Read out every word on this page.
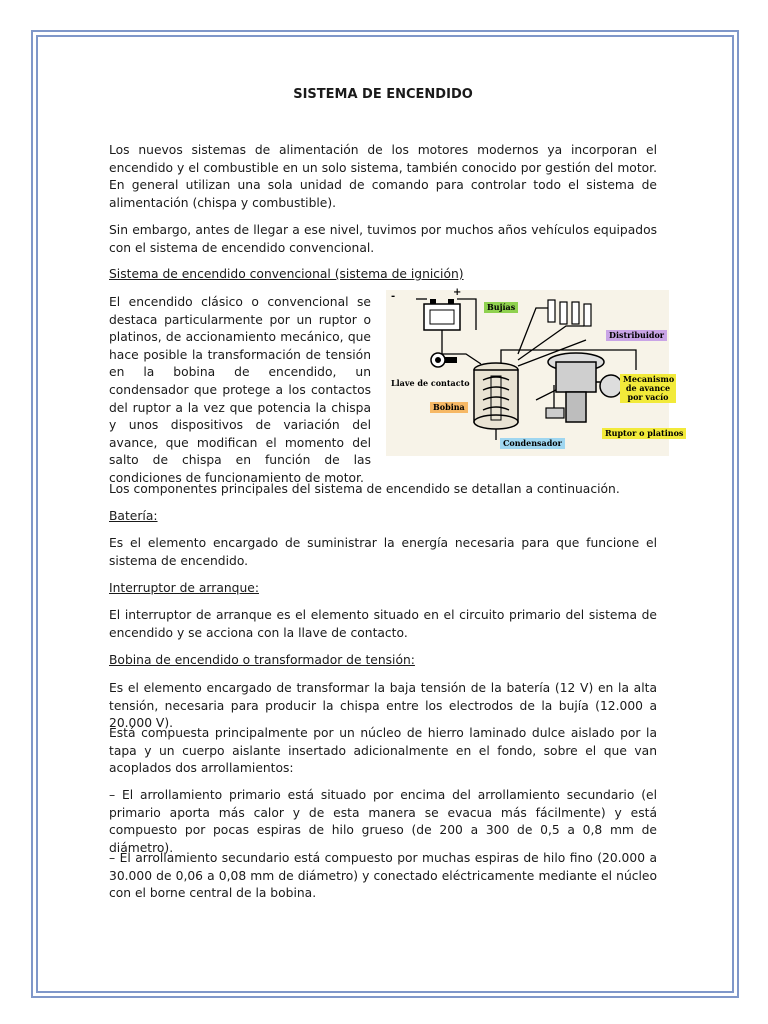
SISTEMA DE ENCENDIDO

Los nuevos sistemas de alimentación de los motores modernos ya incorporan el encendido y el combustible en un solo sistema, también conocido por gestión del motor. En general utilizan una sola unidad de comando para controlar todo el sistema de alimentación (chispa y combustible).

Sin embargo, antes de llegar a ese nivel, tuvimos por muchos años vehículos equipados con el sistema de encendido convencional.

Sistema de encendido convencional (sistema de ignición)

El encendido clásico o convencional se destaca particularmente por un ruptor o platinos, de accionamiento mecánico, que hace posible la transformación de tensión en la bobina de encendido, un condensador que protege a los contactos del ruptor a la vez que potencia la chispa y unos dispositivos de variación del avance, que modifican el momento del salto de chispa en función de las condiciones de funcionamiento de motor.

-	+
Bujías
Distribuidor
Llave de contacto	Mecanismo de avance por vacío
Bobina
Ruptor o platinos
Condensador

Los componentes principales del sistema de encendido se detallan a continuación.

Batería:

Es el elemento encargado de suministrar la energía necesaria para que funcione el sistema de encendido.

Interruptor de arranque:

El interruptor de arranque es el elemento situado en el circuito primario del sistema de encendido y se acciona con la llave de contacto.

Bobina de encendido o transformador de tensión:

Es el elemento encargado de transformar la baja tensión de la batería (12 V) en la alta tensión, necesaria para producir la chispa entre los electrodos de la bujía (12.000 a 20.000 V).

Está compuesta principalmente por un núcleo de hierro laminado dulce aislado por la tapa y un cuerpo aislante insertado adicionalmente en el fondo, sobre el que van acoplados dos arrollamientos:

– El arrollamiento primario está situado por encima del arrollamiento secundario (el primario aporta más calor y de esta manera se evacua más fácilmente) y está compuesto por pocas espiras de hilo grueso (de 200 a 300 de 0,5 a 0,8 mm de diámetro).

– El arrollamiento secundario está compuesto por muchas espiras de hilo fino (20.000 a 30.000 de 0,06 a 0,08 mm de diámetro) y conectado eléctricamente mediante el núcleo con el borne central de la bobina.
